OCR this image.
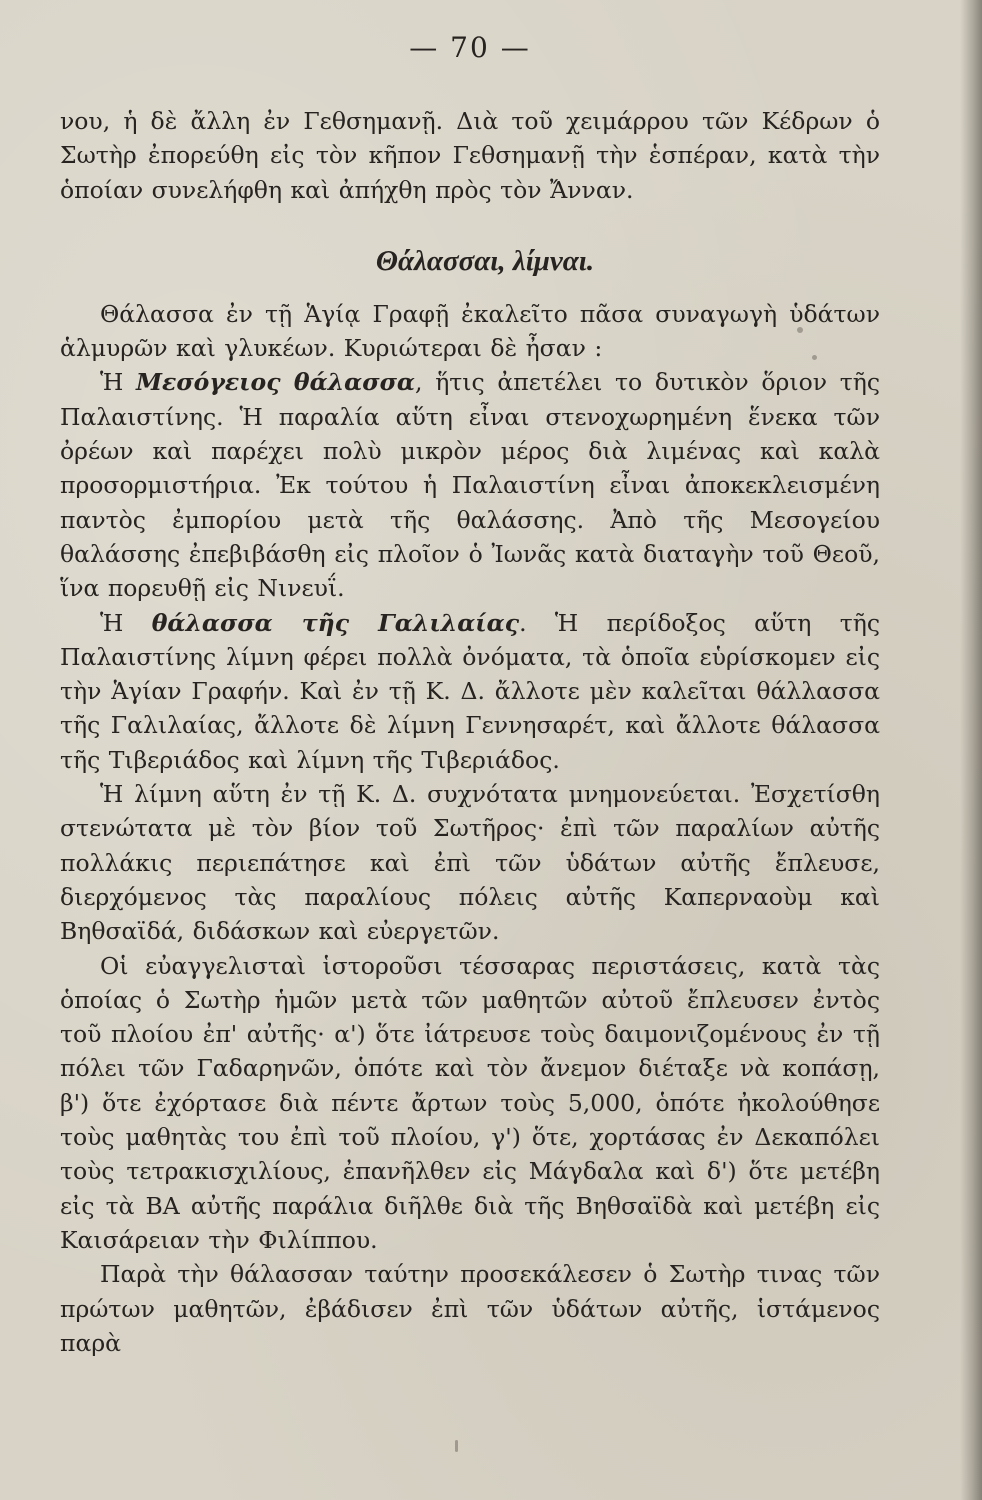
— 70 —

νου, ἡ δὲ ἄλλη ἐν Γεθσημανῇ. Διὰ τοῦ χειμάρρου τῶν Κέδρων ὁ Σωτὴρ ἐπορεύθη εἰς τὸν κῆπον Γεθσημανῇ τὴν ἑσπέραν, κατὰ τὴν ὁποίαν συνελήφθη καὶ ἀπήχθη πρὸς τὸν Ἄνναν.

Θάλασσαι, λίμναι.

Θάλασσα ἐν τῇ Ἁγίᾳ Γραφῇ ἐκαλεῖτο πᾶσα συναγωγὴ ὑδάτων ἁλμυρῶν καὶ γλυκέων. Κυριώτεραι δὲ ἦσαν :

Ἡ Μεσόγειος θάλασσα, ἥτις ἀπετέλει το δυτικὸν ὅριον τῆς Παλαιστίνης. Ἡ παραλία αὕτη εἶναι στενοχωρημένη ἕνεκα τῶν ὀρέων καὶ παρέχει πολὺ μικρὸν μέρος διὰ λιμένας καὶ καλὰ προσορμιστήρια. Ἐκ τούτου ἡ Παλαιστίνη εἶναι ἀποκεκλεισμένη παντὸς ἐμπορίου μετὰ τῆς θαλάσσης. Ἀπὸ τῆς Μεσογείου θαλάσσης ἐπεβιβάσθη εἰς πλοῖον ὁ Ἰωνᾶς κατὰ διαταγὴν τοῦ Θεοῦ, ἵνα πορευθῇ εἰς Νινευΐ.

Ἡ θάλασσα τῆς Γαλιλαίας. Ἡ περίδοξος αὕτη τῆς Παλαιστίνης λίμνη φέρει πολλὰ ὀνόματα, τὰ ὁποῖα εὑρίσκομεν εἰς τὴν Ἁγίαν Γραφήν. Καὶ ἐν τῇ Κ. Δ. ἄλλοτε μὲν καλεῖται θάλλασσα τῆς Γαλιλαίας, ἄλλοτε δὲ λίμνη Γεννησαρέτ, καὶ ἄλλοτε θάλασσα τῆς Τιβεριάδος καὶ λίμνη τῆς Τιβεριάδος.

Ἡ λίμνη αὕτη ἐν τῇ Κ. Δ. συχνότατα μνημονεύεται. Ἐσχετίσθη στενώτατα μὲ τὸν βίον τοῦ Σωτῆρος· ἐπὶ τῶν παραλίων αὐτῆς πολλάκις περιεπάτησε καὶ ἐπὶ τῶν ὑδάτων αὐτῆς ἔπλευσε, διερχόμενος τὰς παραλίους πόλεις αὐτῆς Καπερναοὺμ καὶ Βηθσαϊδά, διδάσκων καὶ εὐεργετῶν.

Οἱ εὐαγγελισταὶ ἱστοροῦσι τέσσαρας περιστάσεις, κατὰ τὰς ὁποίας ὁ Σωτὴρ ἡμῶν μετὰ τῶν μαθητῶν αὐτοῦ ἔπλευσεν ἐντὸς τοῦ πλοίου ἐπ' αὐτῆς· α') ὅτε ἰάτρευσε τοὺς δαιμονιζομένους ἐν τῇ πόλει τῶν Γαδαρηνῶν, ὁπότε καὶ τὸν ἄνεμον διέταξε νὰ κοπάσῃ, β') ὅτε ἐχόρτασε διὰ πέντε ἄρτων τοὺς 5,000, ὁπότε ἠκολούθησε τοὺς μαθητὰς του ἐπὶ τοῦ πλοίου, γ') ὅτε, χορτάσας ἐν Δεκαπόλει τοὺς τετρακισχιλίους, ἐπανῆλθεν εἰς Μάγδαλα καὶ δ') ὅτε μετέβη εἰς τὰ ΒΑ αὐτῆς παράλια διῆλθε διὰ τῆς Βηθσαϊδὰ καὶ μετέβη εἰς Καισάρειαν τὴν Φιλίππου.

Παρὰ τὴν θάλασσαν ταύτην προσεκάλεσεν ὁ Σωτὴρ τινας τῶν πρώτων μαθητῶν, ἐβάδισεν ἐπὶ τῶν ὑδάτων αὐτῆς, ἱστάμενος παρὰ
